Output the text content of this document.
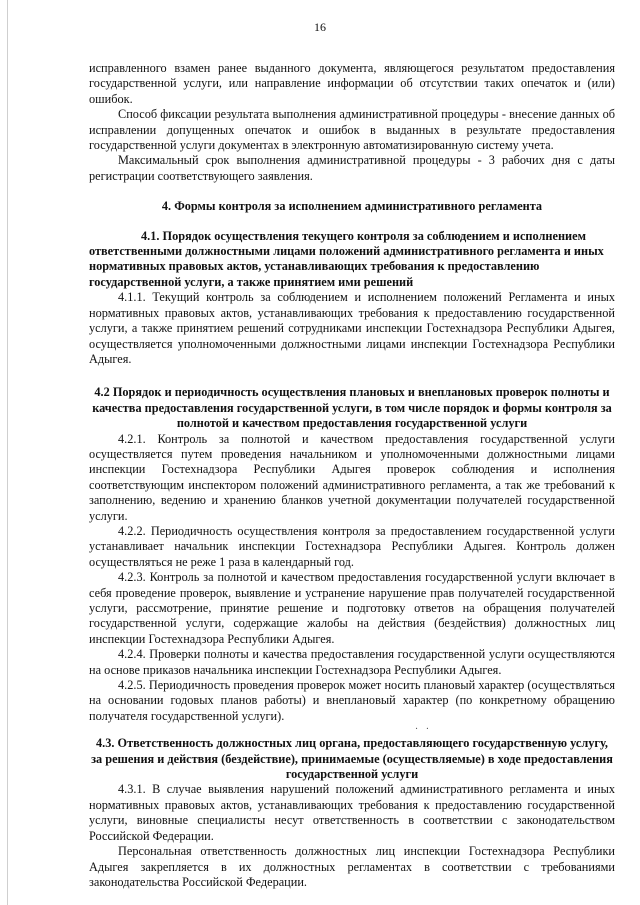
16

исправленного взамен ранее выданного документа, являющегося результатом предоставления государственной услуги, или направление информации об отсутствии таких опечаток и (или) ошибок.

Способ фиксации результата выполнения административной процедуры - внесение данных об исправлении допущенных опечаток и ошибок в выданных в результате предоставления государственной услуги документах в электронную автоматизированную систему учета.

Максимальный срок выполнения административной процедуры - 3 рабочих дня с даты регистрации соответствующего заявления.

4. Формы контроля за исполнением административного регламента

4.1. Порядок осуществления текущего контроля за соблюдением и исполнением ответственными должностными лицами положений административного регламента и иных нормативных правовых актов, устанавливающих требования к предоставлению государственной услуги, а также принятием ими решений

4.1.1. Текущий контроль за соблюдением и исполнением положений Регламента и иных нормативных правовых актов, устанавливающих требования к предоставлению государственной услуги, а также принятием решений сотрудниками инспекции Гостехнадзора Республики Адыгея, осуществляется уполномоченными должностными лицами инспекции Гостехнадзора Республики Адыгея.

4.2 Порядок и периодичность осуществления плановых и внеплановых проверок полноты и качества предоставления государственной услуги, в том числе порядок и формы контроля за полнотой и качеством предоставления государственной услуги

4.2.1. Контроль за полнотой и качеством предоставления государственной услуги осуществляется путем проведения начальником и уполномоченными должностными лицами инспекции Гостехнадзора Республики Адыгея проверок соблюдения и исполнения соответствующим инспектором положений административного регламента, а так же требований к заполнению, ведению и хранению бланков учетной документации получателей государственной услуги.

4.2.2. Периодичность осуществления контроля за предоставлением государственной услуги устанавливает начальник инспекции Гостехнадзора Республики Адыгея. Контроль должен осуществляться не реже 1 раза в календарный год.

4.2.3. Контроль за полнотой и качеством предоставления государственной услуги включает в себя проведение проверок, выявление и устранение нарушение прав получателей государственной услуги, рассмотрение, принятие решение и подготовку ответов на обращения получателей государственной услуги, содержащие жалобы на действия (бездействия) должностных лиц инспекции Гостехнадзора Республики Адыгея.

4.2.4. Проверки полноты и качества предоставления государственной услуги осуществляются на основе приказов начальника инспекции Гостехнадзора Республики Адыгея.

4.2.5. Периодичность проведения проверок может носить плановый характер (осуществляться на основании годовых планов работы) и внеплановый характер (по конкретному обращению получателя государственной услуги).

·   ·

4.3. Ответственность должностных лиц органа, предоставляющего государственную услугу, за решения и действия (бездействие), принимаемые (осуществляемые) в ходе предоставления государственной услуги

4.3.1. В случае выявления нарушений положений административного регламента и иных нормативных правовых актов, устанавливающих требования к предоставлению государственной услуги, виновные специалисты несут ответственность в соответствии с законодательством Российской Федерации.

Персональная ответственность должностных лиц инспекции Гостехнадзора Республики Адыгея закрепляется в их должностных регламентах в соответствии с требованиями законодательства Российской Федерации.
